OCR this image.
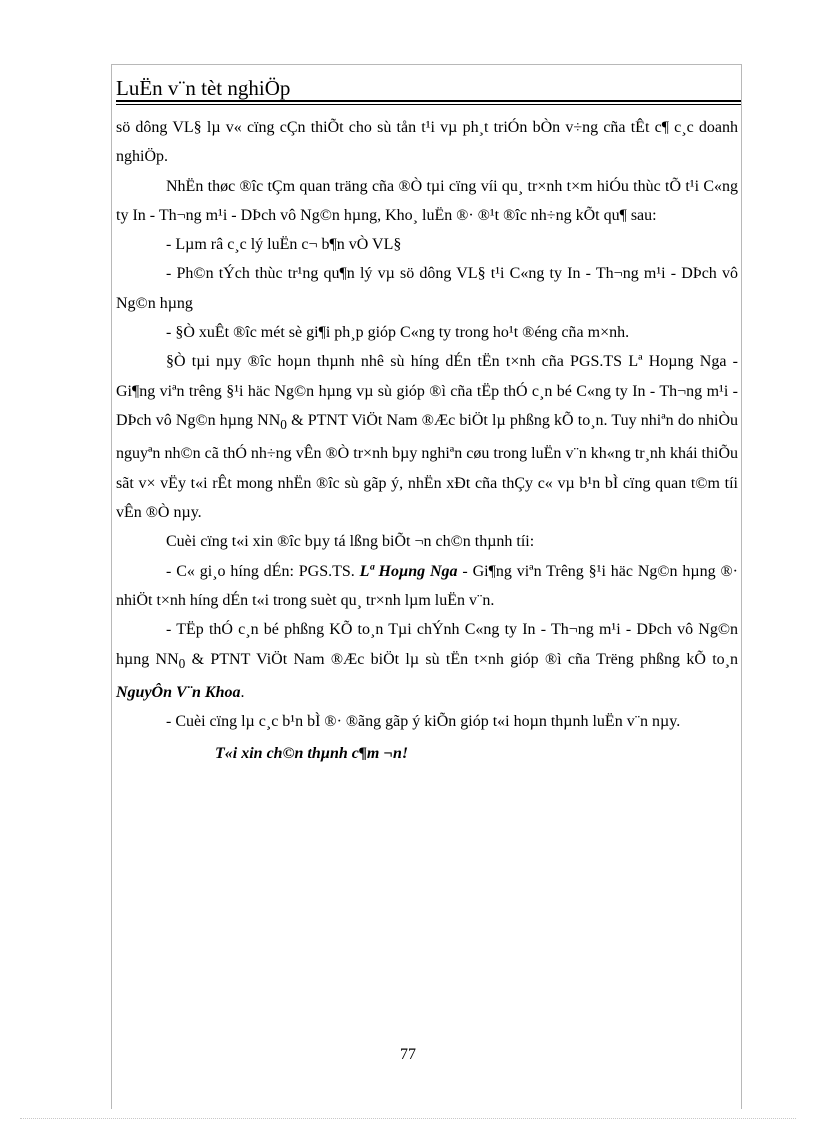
LuËn v¨n tèt nghiÖp

sö dông VL§ lµ v« cïng cÇn thiÕt cho sù tån t¹i vµ ph¸t triÓn bÒn v÷ng cña tÊt c¶ c¸c doanh nghiÖp.

NhËn thøc ®îc tÇm quan träng cña ®Ò tµi cïng víi qu¸ tr×nh t×m hiÓu thùc tÕ t¹i C«ng ty In - Th¬ng m¹i - DÞch vô Ng©n hµng, Kho¸ luËn ®· ®¹t ®îc nh÷ng kÕt qu¶ sau:

- Lµm râ c¸c lý luËn c¬ b¶n vÒ VL§

- Ph©n tÝch thùc tr¹ng qu¶n lý vµ sö dông VL§ t¹i C«ng ty In - Th¬ng m¹i - DÞch vô Ng©n hµng

- §Ò xuÊt ®îc mét sè gi¶i ph¸p gióp C«ng ty trong ho¹t ®éng cña m×nh.

§Ò tµi nµy ®îc hoµn thµnh nhê sù híng dÉn tËn t×nh cña PGS.TS Lª Hoµng Nga - Gi¶ng viªn trêng §¹i häc Ng©n hµng vµ sù gióp ®ì cña tËp thÓ c¸n bé C«ng ty In - Th¬ng m¹i - DÞch vô Ng©n hµng $NN_0$ & PTNT ViÖt Nam ®Æc biÖt lµ phßng kÕ to¸n. Tuy nhiªn do nhiÒu nguyªn nh©n cã thÓ nh÷ng vÊn ®Ò tr×nh bµy nghiªn cøu trong luËn v¨n kh«ng tr¸nh khái thiÕu sãt v× vËy t«i rÊt mong nhËn ®îc sù gãp ý, nhËn xÐt cña thÇy c« vµ b¹n bÌ cïng quan t©m tíi vÊn ®Ò nµy.

Cuèi cïng t«i xin ®îc bµy tá lßng biÕt ¬n ch©n thµnh tíi:

- C« gi¸o híng dÉn: PGS.TS. Lª Hoµng Nga - Gi¶ng viªn Trêng §¹i häc Ng©n hµng ®· nhiÖt t×nh híng dÉn t«i trong suèt qu¸ tr×nh lµm luËn v¨n.

- TËp thÓ c¸n bé phßng KÕ to¸n Tµi chÝnh C«ng ty In - Th¬ng m¹i - DÞch vô Ng©n hµng $NN_0$ & PTNT ViÖt Nam ®Æc biÖt lµ sù tËn t×nh gióp ®ì cña Trëng phßng kÕ to¸n NguyÔn V¨n Khoa.

- Cuèi cïng lµ c¸c b¹n bÌ ®· ®ãng gãp ý kiÕn gióp t«i hoµn thµnh luËn v¨n nµy.

T«i xin ch©n thµnh c¶m ¬n!

77
